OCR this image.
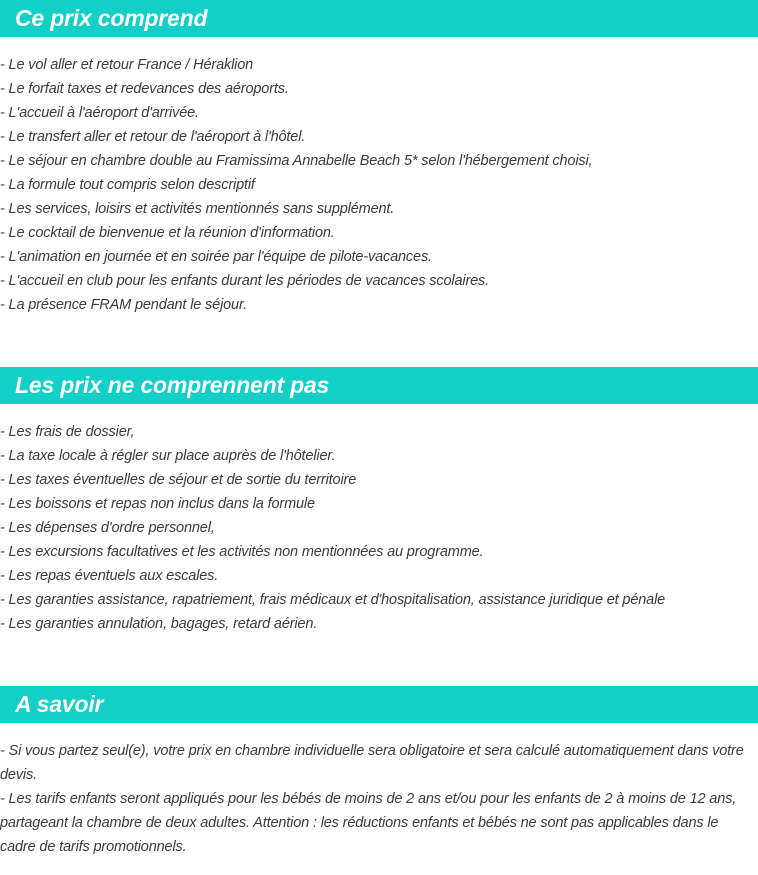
Ce prix comprend
- Le vol aller et retour France / Héraklion
- Le forfait taxes et redevances des aéroports.
- L'accueil à l'aéroport d'arrivée.
- Le transfert aller et retour de l'aéroport à l'hôtel.
- Le séjour en chambre double au Framissima Annabelle Beach 5* selon l'hébergement choisi,
- La formule tout compris selon descriptif
- Les services, loisirs et activités mentionnés sans supplément.
- Le cocktail de bienvenue et la réunion d'information.
- L'animation en journée et en soirée par l'équipe de pilote-vacances.
- L'accueil en club pour les enfants durant les périodes de vacances scolaires.
- La présence FRAM pendant le séjour.
Les prix ne comprennent pas
- Les frais de dossier,
- La taxe locale à régler sur place auprès de l'hôtelier.
- Les taxes éventuelles de séjour et de sortie du territoire
- Les boissons et repas non inclus dans la formule
- Les dépenses d'ordre personnel,
- Les excursions facultatives et les activités non mentionnées au programme.
- Les repas éventuels aux escales.
- Les garanties assistance, rapatriement, frais médicaux et d'hospitalisation, assistance juridique et pénale
- Les garanties annulation, bagages, retard aérien.
A savoir
- Si vous partez seul(e), votre prix en chambre individuelle sera obligatoire et sera calculé automatiquement dans votre devis.
- Les tarifs enfants seront appliqués pour les bébés de moins de 2 ans et/ou pour les enfants de 2 à moins de 12 ans, partageant la chambre de deux adultes. Attention : les réductions enfants et bébés ne sont pas applicables dans le cadre de tarifs promotionnels.
